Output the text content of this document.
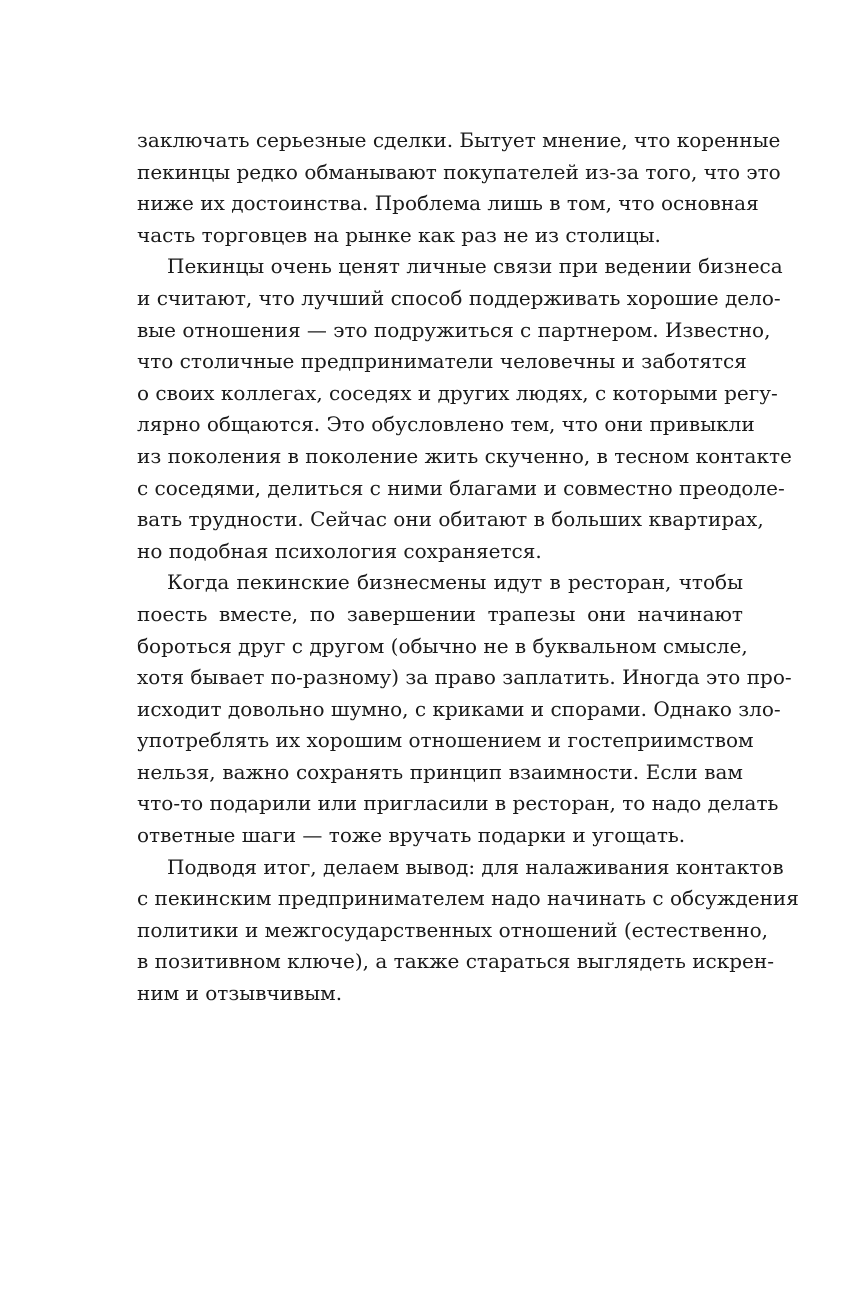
заключать серьезные сделки. Бытует мнение, что коренные
пекинцы редко обманывают покупателей из-за того, что это
ниже их достоинства. Проблема лишь в том, что основная
часть торговцев на рынке как раз не из столицы.

Пекинцы очень ценят личные связи при ведении бизнеса
и считают, что лучший способ поддерживать хорошие дело-
вые отношения — это подружиться с партнером. Известно,
что столичные предприниматели человечны и заботятся
о своих коллегах, соседях и других людях, с которыми регу-
лярно общаются. Это обусловлено тем, что они привыкли
из поколения в поколение жить скученно, в тесном контакте
с соседями, делиться с ними благами и совместно преодоле-
вать трудности. Сейчас они обитают в больших квартирах,
но подобная психология сохраняется.

Когда пекинские бизнесмены идут в ресторан, чтобы
поесть вместе, по завершении трапезы они начинают
бороться друг с другом (обычно не в буквальном смысле,
хотя бывает по-разному) за право заплатить. Иногда это про-
исходит довольно шумно, с криками и спорами. Однако зло-
употреблять их хорошим отношением и гостеприимством
нельзя, важно сохранять принцип взаимности. Если вам
что-то подарили или пригласили в ресторан, то надо делать
ответные шаги — тоже вручать подарки и угощать.

Подводя итог, делаем вывод: для налаживания контактов
с пекинским предпринимателем надо начинать с обсуждения
политики и межгосударственных отношений (естественно,
в позитивном ключе), а также стараться выглядеть искрен-
ним и отзывчивым.
